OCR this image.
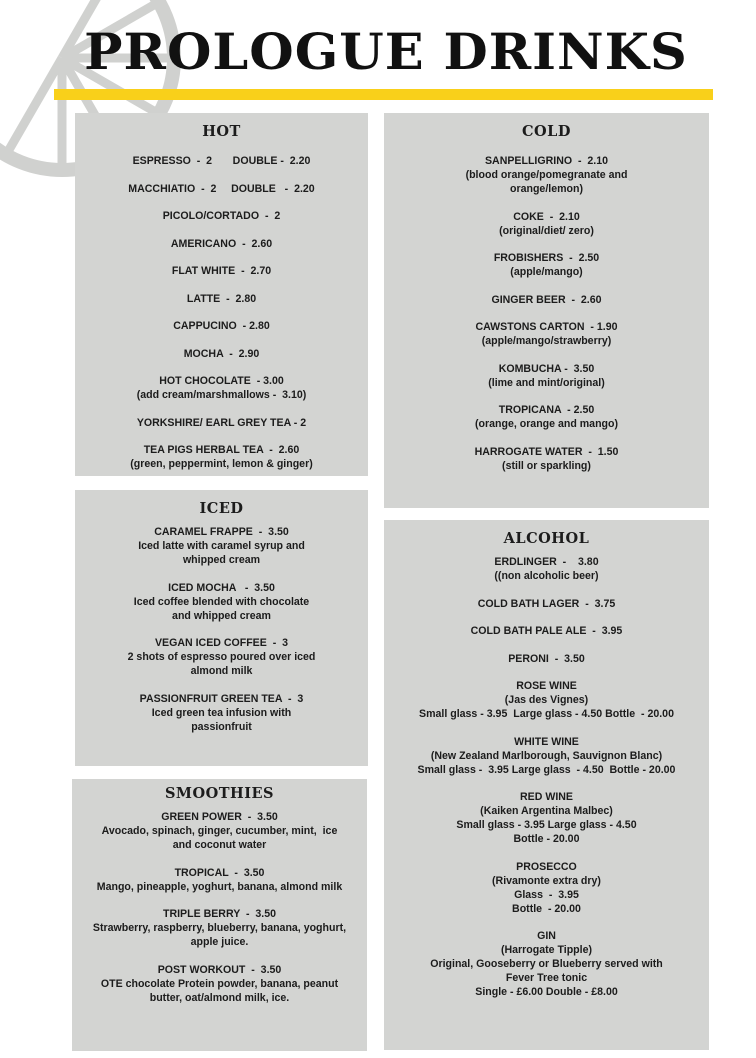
PROLOGUE DRINKS
HOT
ESPRESSO  -  2       DOUBLE -  2.20
MACCHIATIO  -  2     DOUBLE   -  2.20
PICOLO/CORTADO  -  2
AMERICANO  -  2.60
FLAT WHITE  -  2.70
LATTE  -  2.80
CAPPUCINO  - 2.80
MOCHA  -  2.90
HOT CHOCOLATE  - 3.00
(add cream/marshmallows -  3.10)
YORKSHIRE/ EARL GREY TEA - 2
TEA PIGS HERBAL TEA  -  2.60
(green, peppermint, lemon & ginger)
ICED
CARAMEL FRAPPE  -  3.50
Iced latte with caramel syrup and
whipped cream
ICED MOCHA   -  3.50
Iced coffee blended with chocolate
and whipped cream
VEGAN ICED COFFEE  -  3
2 shots of espresso poured over iced
almond milk
PASSIONFRUIT GREEN TEA  -  3
Iced green tea infusion with
passionfruit
SMOOTHIES
GREEN POWER  -  3.50
Avocado, spinach, ginger, cucumber, mint,  ice
and coconut water
TROPICAL  -  3.50
Mango, pineapple, yoghurt, banana, almond milk
TRIPLE BERRY  -  3.50
Strawberry, raspberry, blueberry, banana, yoghurt,
apple juice.
POST WORKOUT  -  3.50
OTE chocolate Protein powder, banana, peanut
butter, oat/almond milk, ice.
COLD
SANPELLIGRINO  -  2.10
(blood orange/pomegranate and
orange/lemon)
COKE  -  2.10
(original/diet/ zero)
FROBISHERS  -  2.50
(apple/mango)
GINGER BEER  -  2.60
CAWSTONS CARTON  - 1.90
(apple/mango/strawberry)
KOMBUCHA -  3.50
(lime and mint/original)
TROPICANA  - 2.50
(orange, orange and mango)
HARROGATE WATER  -  1.50
(still or sparkling)
ALCOHOL
ERDLINGER  -    3.80
((non alcoholic beer)
COLD BATH LAGER  -  3.75
COLD BATH PALE ALE  -  3.95
PERONI  -  3.50
ROSE WINE
(Jas des Vignes)
Small glass - 3.95  Large glass - 4.50 Bottle  - 20.00
WHITE WINE
(New Zealand Marlborough, Sauvignon Blanc)
Small glass -  3.95 Large glass  - 4.50  Bottle - 20.00
RED WINE
(Kaiken Argentina Malbec)
Small glass - 3.95 Large glass - 4.50
Bottle - 20.00
PROSECCO
(Rivamonte extra dry)
Glass  -  3.95
Bottle  - 20.00
GIN
(Harrogate Tipple)
Original, Gooseberry or Blueberry served with
Fever Tree tonic
Single - £6.00 Double - £8.00
